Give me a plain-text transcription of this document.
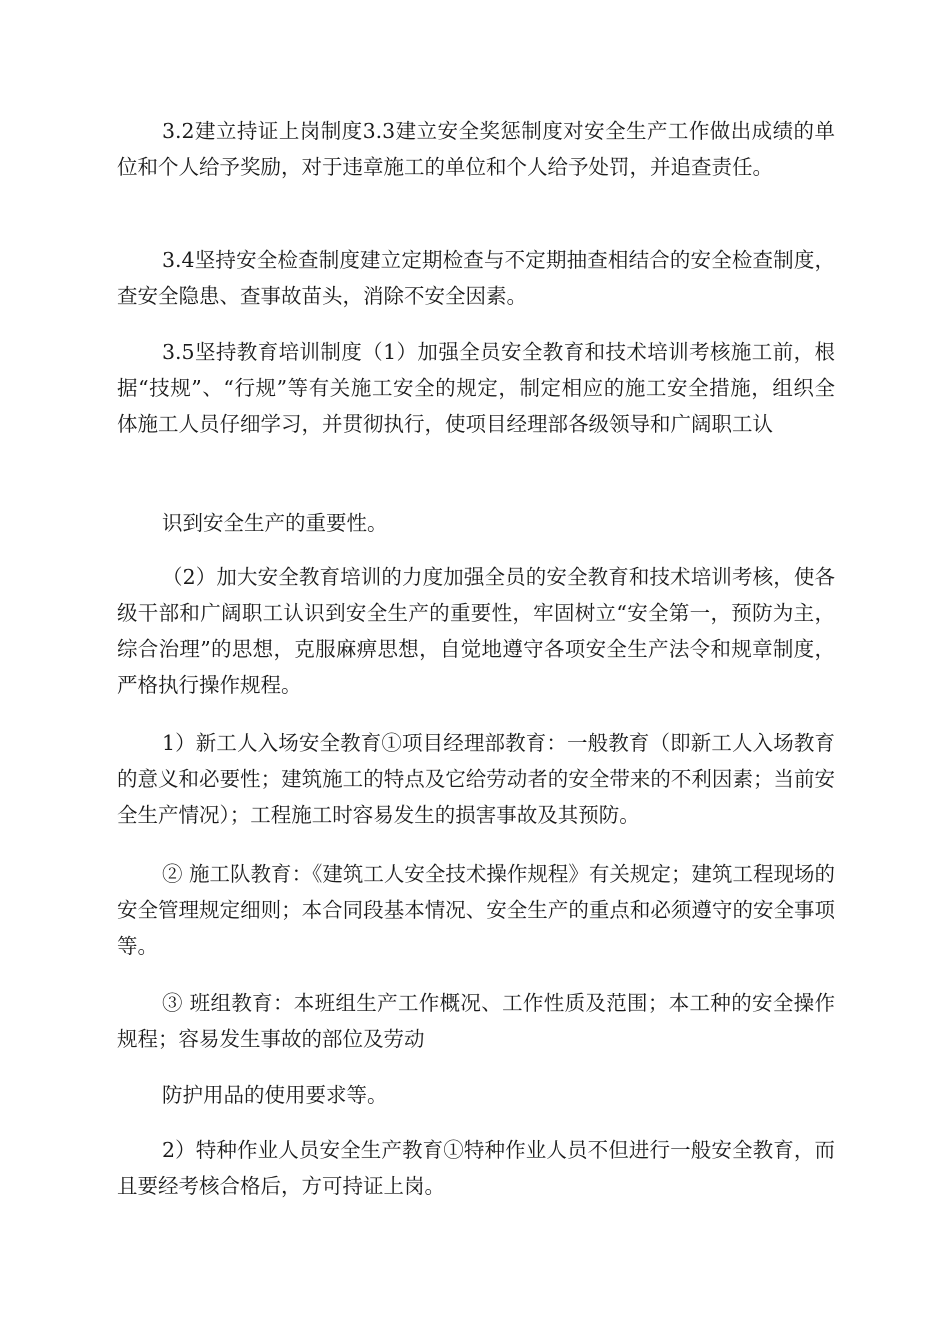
3.2建立持证上岗制度3.3建立安全奖惩制度对安全生产工作做出成绩的单位和个人给予奖励，对于违章施工的单位和个人给予处罚，并追查责任。

3.4坚持安全检查制度建立定期检查与不定期抽查相结合的安全检查制度，查安全隐患、查事故苗头，消除不安全因素。

3.5坚持教育培训制度（1）加强全员安全教育和技术培训考核施工前，根据“技规”、“行规”等有关施工安全的规定，制定相应的施工安全措施，组织全体施工人员仔细学习，并贯彻执行，使项目经理部各级领导和广阔职工认

识到安全生产的重要性。

（2）加大安全教育培训的力度加强全员的安全教育和技术培训考核，使各级干部和广阔职工认识到安全生产的重要性，牢固树立“安全第一，预防为主，综合治理”的思想，克服麻痹思想，自觉地遵守各项安全生产法令和规章制度，严格执行操作规程。

1）新工人入场安全教育①项目经理部教育：一般教育（即新工人入场教育的意义和必要性；建筑施工的特点及它给劳动者的安全带来的不利因素；当前安全生产情况）；工程施工时容易发生的损害事故及其预防。

② 施工队教育：《建筑工人安全技术操作规程》有关规定；建筑工程现场的安全管理规定细则；本合同段基本情况、安全生产的重点和必须遵守的安全事项等。

③ 班组教育：本班组生产工作概况、工作性质及范围；本工种的安全操作规程；容易发生事故的部位及劳动

防护用品的使用要求等。

2）特种作业人员安全生产教育①特种作业人员不但进行一般安全教育，而且要经考核合格后，方可持证上岗。
